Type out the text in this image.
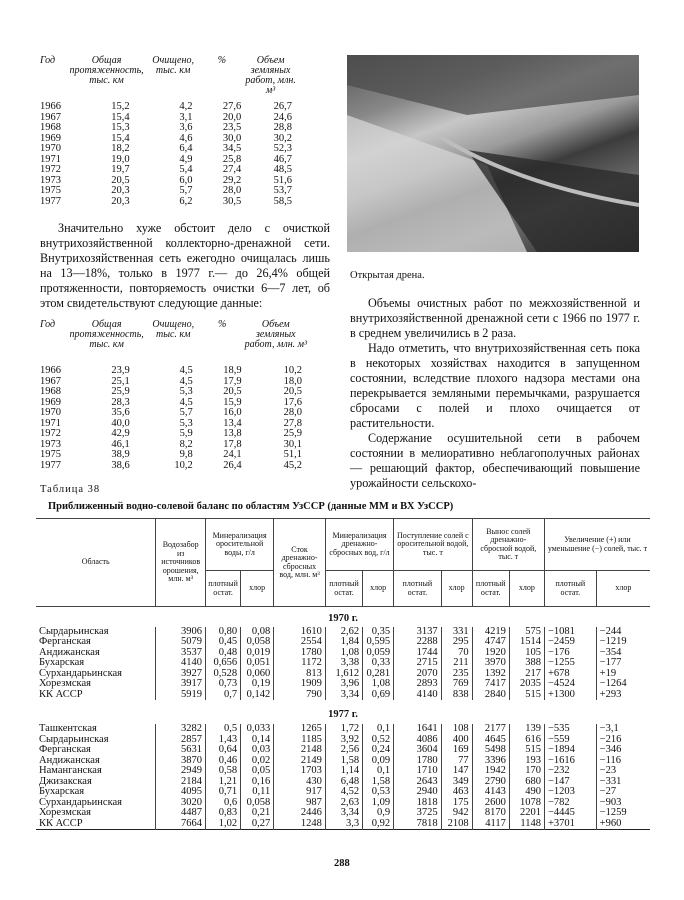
Год	Общая протяженность, тыс. км	Очищено, тыс. км	%	Объем земляных работ, млн. м³
1966	15,2	4,2	27,6	26,7
1967	15,4	3,1	20,0	24,6
1968	15,3	3,6	23,5	28,8
1969	15,4	4,6	30,0	30,2
1970	18,2	6,4	34,5	52,3
1971	19,0	4,9	25,8	46,7
1972	19,7	5,4	27,4	48,5
1973	20,5	6,0	29,2	51,6
1975	20,3	5,7	28,0	53,7
1977	20,3	6,2	30,5	58,5

Значительно хуже обстоит дело с очисткой внутрихозяйственной коллекторно-дренажной сети. Внутрихозяйственная сеть ежегодно очищалась лишь на 13—18%, только в 1977 г.— до 26,4% общей протяженности, повторяемость очистки 6—7 лет, об этом свидетельствуют следующие данные:

Год	Общая протяженность, тыс. км	Очищено, тыс. км	%	Объем земляных работ, млн. м³
1966	23,9	4,5	18,9	10,2
1967	25,1	4,5	17,9	18,0
1968	25,9	5,3	20,5	20,5
1969	28,3	4,5	15,9	17,6
1970	35,6	5,7	16,0	28,0
1971	40,0	5,3	13,4	27,8
1972	42,9	5,9	13,8	25,9
1973	46,1	8,2	17,8	30,1
1975	38,9	9,8	24,1	51,1
1977	38,6	10,2	26,4	45,2
Таблица 38
Открытая дрена.

Объемы очистных работ по межхозяйственной и внутрихозяйственной дренажной сети с 1966 по 1977 г. в среднем увеличились в 2 раза.

Надо отметить, что внутрихозяйственная сеть пока в некоторых хозяйствах находится в запущенном состоянии, вследствие плохого надзора местами она перекрывается земляными перемычками, разрушается сбросами с полей и плохо очищается от растительности.

Содержание осушительной сети в рабочем состоянии в мелиоративно неблагополучных районах — решающий фактор, обеспечивающий повышение урожайности сельскохо-

Приближенный водно-солевой баланс по областям УзССР (данные ММ и ВХ УзССР)
Область	Водозабор из источников орошения, млн. м³	Минерализация оросительной воды, г/л		Сток дренажно-сбросных вод, млн. м³	Минерализация дренажно-сбросных вод, г/л		Поступление солей с оросительной водой, тыс. т		Вынос солей дренажно-сбросной водой, тыс. т		Увеличение (+) или уменьшение (−) солей, тыс. т	
		плотный остат.	хлор		плотный остат.	хлор	плотный остат.	хлор	плотный остат.	хлор	плотный остат.	хлор
1970 г.												
Сырдарьинская	3906	0,80	0,08	1610	2,62	0,35	3137	331	4219	575	−1081	−244
Ферганская	5079	0,45	0,058	2554	1,84	0,595	2288	295	4747	1514	−2459	−1219
Андижанская	3537	0,48	0,019	1780	1,08	0,059	1744	70	1920	105	−176	−354
Бухарская	4140	0,656	0,051	1172	3,38	0,33	2715	211	3970	388	−1255	−177
Сурхандарьинская	3927	0,528	0,060	813	1,612	0,281	2070	235	1392	217	+678	+19
Хорезмская	3917	0,73	0,19	1909	3,96	1,08	2893	769	7417	2035	−4524	−1264
КК АССР	5919	0,7	0,142	790	3,34	0,69	4140	838	2840	515	+1300	+293
1977 г.												
Ташкентская	3282	0,5	0,033	1265	1,72	0,1	1641	108	2177	139	−535	−3,1
Сырдарьинская	2857	1,43	0,14	1185	3,92	0,52	4086	400	4645	616	−559	−216
Ферганская	5631	0,64	0,03	2148	2,56	0,24	3604	169	5498	515	−1894	−346
Андижанская	3870	0,46	0,02	2149	1,58	0,09	1780	77	3396	193	−1616	−116
Наманганская	2949	0,58	0,05	1703	1,14	0,1	1710	147	1942	170	−232	−23
Джизакская	2184	1,21	0,16	430	6,48	1,58	2643	349	2790	680	−147	−331
Бухарская	4095	0,71	0,11	917	4,52	0,53	2940	463	4143	490	−1203	−27
Сурхандарьинская	3020	0,6	0,058	987	2,63	1,09	1818	175	2600	1078	−782	−903
Хорезмская	4487	0,83	0,21	2446	3,34	0,9	3725	942	8170	2201	−4445	−1259
КК АССР	7664	1,02	0,27	1248	3,3	0,92	7818	2108	4117	1148	+3701	+960
288
